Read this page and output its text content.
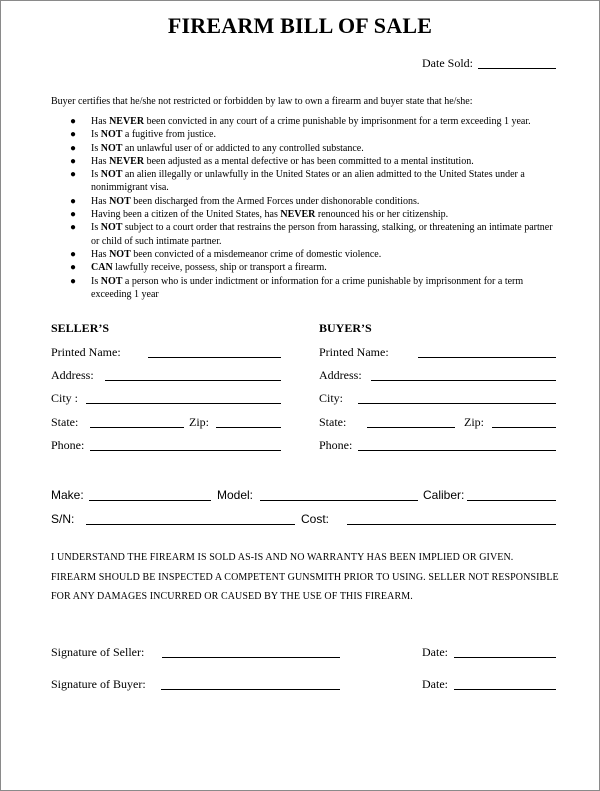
FIREARM BILL OF SALE
Date Sold:
Buyer certifies that he/she not restricted or forbidden by law to own a firearm and buyer state that he/she:
● Has NEVER been convicted in any court of a crime punishable by imprisonment for a term exceeding 1 year.
● Is NOT a fugitive from justice.
● Is NOT an unlawful user of or addicted to any controlled substance.
● Has NEVER been adjusted as a mental defective or has been committed to a mental institution.
● Is NOT an alien illegally or unlawfully in the United States or an alien admitted to the United States under a nonimmigrant visa.
● Has NOT been discharged from the Armed Forces under dishonorable conditions.
● Having been a citizen of the United States, has NEVER renounced his or her citizenship.
● Is NOT subject to a court order that restrains the person from harassing, stalking, or threatening an intimate partner or child of such intimate partner.
● Has NOT been convicted of a misdemeanor crime of domestic violence.
● CAN lawfully receive, possess, ship or transport a firearm.
● Is NOT a person who is under indictment or information for a crime punishable by imprisonment for a term exceeding 1 year
SELLER’S
Printed Name:
Address:
City :
State:	Zip:
Phone:
BUYER’S
Printed Name:
Address:
City:
State:	Zip:
Phone:
Make:	Model:	Caliber:
S/N:	Cost:
I UNDERSTAND THE FIREARM IS SOLD AS-IS AND NO WARRANTY HAS BEEN IMPLIED OR GIVEN. FIREARM SHOULD BE INSPECTED A COMPETENT GUNSMITH PRIOR TO USING. SELLER NOT RESPONSIBLE FOR ANY DAMAGES INCURRED OR CAUSED BY THE USE OF THIS FIREARM.
Signature of Seller:	Date:
Signature of Buyer:	Date:
